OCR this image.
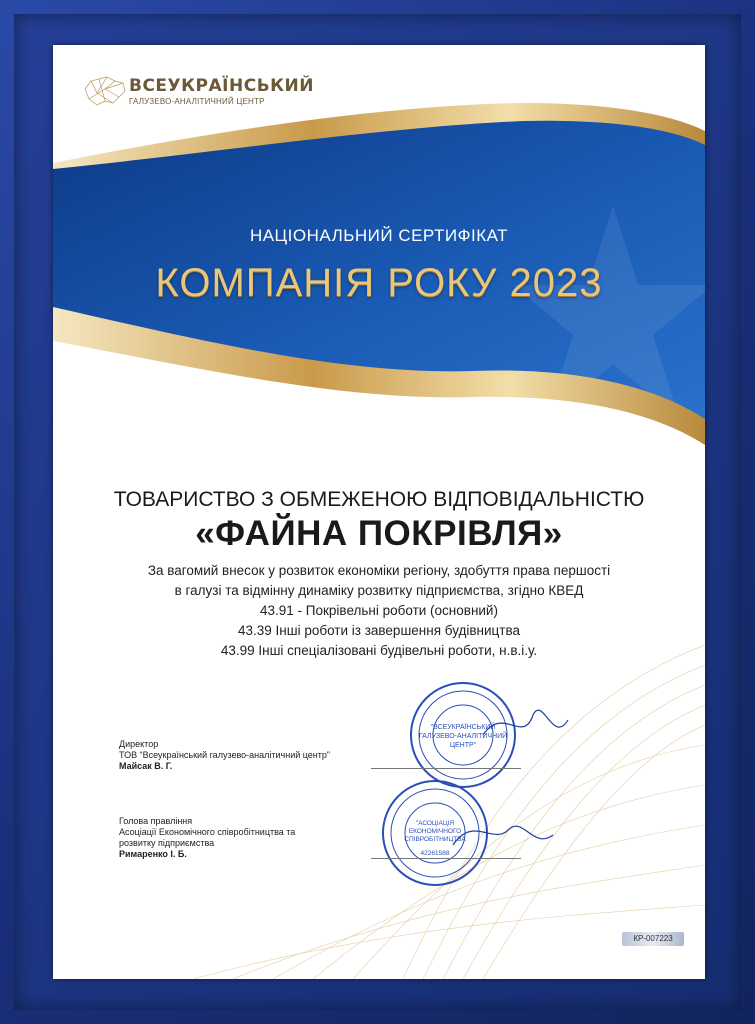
"ВСЕУКРАЇНСЬКИЙ
ГАЛУЗЕВО-АНАЛІТИЧНИЙ
ЦЕНТР"
"АСОЦІАЦІЯ
ЕКОНОМІЧНОГО
СПІВРОБІТНИЦТВА
42261588
ВСЕУКРАЇНСЬКИЙ
ГАЛУЗЕВО-АНАЛІТИЧНИЙ ЦЕНТР
НАЦІОНАЛЬНИЙ СЕРТИФІКАТ
КОМПАНІЯ РОКУ 2023
ТОВАРИСТВО З ОБМЕЖЕНОЮ ВІДПОВІДАЛЬНІСТЮ
«ФАЙНА ПОКРІВЛЯ»
За вагомий внесок у розвиток економіки регіону, здобуття права першості
в галузі та відмінну динаміку розвитку підприємства, згідно КВЕД
43.91 - Покрівельні роботи (основний)
43.39 Інші роботи із завершення будівництва
43.99 Інші спеціалізовані будівельні роботи, н.в.і.у.
Директор
ТОВ “Всеукраїнський галузево-аналітичний центр”
Майсак В. Г.
Голова правління
Асоціації Економічного співробітництва та
розвитку підприємства
Римаренко І. Б.
КР-007223
